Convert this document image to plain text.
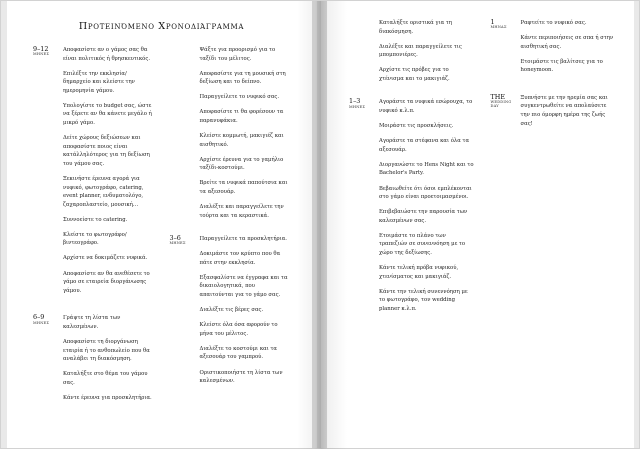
Προτεινόμενο Χρονοδιάγραμμα
9–12
ΜΗΝΕΣ
Αποφασίστε αν ο γάμος σας θα είναι πολιτικός ή θρησκευτικός.
Επιλέξτε την εκκλησία/δημαρχείο και κλείστε την ημερομηνία γάμου.
Υπολογίστε το budget σας, ώστε να ξέρετε αν θα κάνετε μεγάλο ή μικρό γάμο.
Δείτε χώρους δεξιώσεων και αποφασίστε ποιος είναι κατάλληλότερος για τη δεξίωση του γάμου σας.
Ξεκινήστε έρευνα αγορά για νυφικό, φωτογράφο, catering, event planner, ενδυματολόγο, ζαχαροπλαστείο, μουσική…
Συννοείστε το catering.
Κλείστε το φωτογράφο/ βιντεογράφο.
Αρχίστε να δοκιμάζετε νυφικά.
Αποφασίστε αν θα ανεθέσετε το γάμο σε εταιρεία διοργάνωσης γάμου.
6–9
ΜΗΝΕΣ
Γράψτε τη λίστα των καλεσμένων.
Αποφασίστε τη διοργάνωση εταιρία ή το ανθοπωλείο που θα αναλάβει τη διακόσμηση.
Καταλήξτε στο θέμα του γάμου σας.
Κάντε έρευνα για προσκλητήρια.
Ψάξτε για προορισμό για το ταξίδι του μέλιτος.
Αποφασίστε για τη μουσική στη δεξίωση και το δείπνο.
Παραγγείλετε το νυφικό σας.
Αποφασίστε τι θα φορέσουν τα παρανυφάκια.
Κλείστε κομμωτή, μακιγιέζ και αισθητικό.
Αρχίστε έρευνα για το γαμήλιο ταξίδι-κοστούμι.
Βρείτε τα νυφικά παπούτσια και τα αξεσουάρ.
Διαλέξτε και παραγγείλετε την τούρτα και τα κεραστικά.
3–6
ΜΗΝΕΣ
Παραγγείλετε τα προσκλητήρια.
Δοκιμάστε τον κρύπτο που θα πάτε στην εκκλησία.
Εξασφαλίστε να έγγραφα και τα δικαιολογητικά, που απαιτούνται για το γάμο σας.
Διαλέξτε τις βέρες σας.
Κλείστε όλα όσα αφορούν το μήνα του μέλιτος.
Διαλέξτε το κοστούμι και τα αξεσουάρ του γαμπρού.
Οριστικοποιήστε τη λίστα των καλεσμένων.
Καταλήξτε οριστικά για τη διακόσμηση.
Διαλέξτε και παραγγείλετε τις μπομπονιέρες.
Αρχίστε τις πρόβες για το χτένισμα και το μακιγιάζ.
1–3
ΜΗΝΕΣ
Αγοράστε τα νυφικά εσώρουχα, το νυφικό κ.λ.π.
Μοιράστε τις προσκλήσεις.
Αγοράστε τα στέφανα και όλα τα αξεσουάρ.
Διοργανώστε το Hens Night και το Bachelor's Party.
Βεβαιωθείτε ότι όσοι εμπλέκονται στο γάμο είναι προετοιμασμένοι.
Επιβεβαιώστε την παρουσία των καλεσμένων σας.
Ετοιμάστε το πλάνο των τραπεζιών σε συνεννόηση με το χώρο της δεξίωσης.
Κάντε τελική πρόβα νυφικού, χτενίσματος και μακιγιάζ.
Κάντε την τελική συνεννόηση με το φωτογράφο, τον wedding planner κ.λ.π.
1
ΜΗΝΑΣ
Ραφτείτε το νυφικό σας.
Κάντε περιποιήσεις σε σπα ή στην αισθητική σας.
Ετοιμάστε τις βαλίτσες για το honeymoon.
THE
WEDDING DAY
Ξυπνήστε με την ηρεμία σας και συγκεντρωθείτε να απολαύσετε την πιο όμορφη ημέρα της ζωής σας!
